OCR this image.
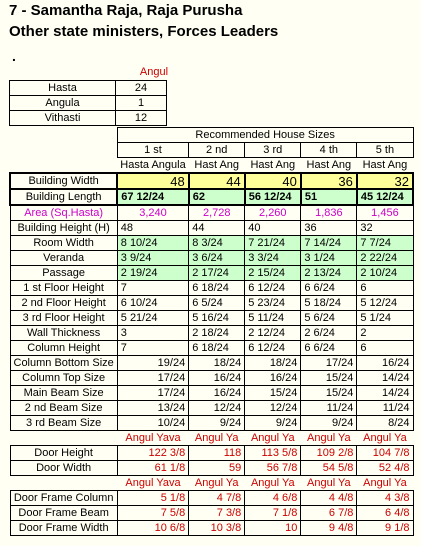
7 - Samantha Raja, Raja Purusha
Other state ministers, Forces Leaders
.
Angul
Hasta	24
Angula	1
Vithasti	12
	Recommended House Sizes				
	1 st	2 nd	3 rd	4 th	5 th
	Hasta Angula	Hast Ang	Hast Ang	Hast Ang	Hast Ang
Building Width	48	44	40	36	32
Building Length	67 12/24	62	56 12/24	51	45 12/24
Area (Sq.Hasta)	3,240	2,728	2,260	1,836	1,456
Building Height (H)	48	44	40	36	32
Room Width	8 10/24	8 3/24	7 21/24	7 14/24	7 7/24
Veranda	3 9/24	3 6/24	3 3/24	3 1/24	2 22/24
Passage	2 19/24	2 17/24	2 15/24	2 13/24	2 10/24
1 st Floor Height	7	6 18/24	6 12/24	6 6/24	6
2 nd Floor Height	6 10/24	6 5/24	5 23/24	5 18/24	5 12/24
3 rd Floor Height	5 21/24	5 16/24	5 11/24	5 6/24	5 1/24
Wall Thickness	3	2 18/24	2 12/24	2 6/24	2
Column Height	7	6 18/24	6 12/24	6 6/24	6
Column Bottom Size	19/24	18/24	18/24	17/24	16/24
Column Top Size	17/24	16/24	16/24	15/24	14/24
Main Beam Size	17/24	16/24	15/24	15/24	14/24
2 nd Beam Size	13/24	12/24	12/24	11/24	11/24
3 rd Beam Size	10/24	9/24	9/24	9/24	8/24
	Angul Yava	Angul Ya	Angul Ya	Angul Ya	Angul Ya
Door Height	122 3/8	118	113 5/8	109 2/8	104 7/8
Door Width	61 1/8	59	56 7/8	54 5/8	52 4/8
	Angul Yava	Angul Ya	Angul Ya	Angul Ya	Angul Ya
Door Frame Column	5 1/8	4 7/8	4 6/8	4 4/8	4 3/8
Door Frame Beam	7 5/8	7 3/8	7 1/8	6 7/8	6 4/8
Door Frame Width	10 6/8	10 3/8	10	9 4/8	9 1/8
